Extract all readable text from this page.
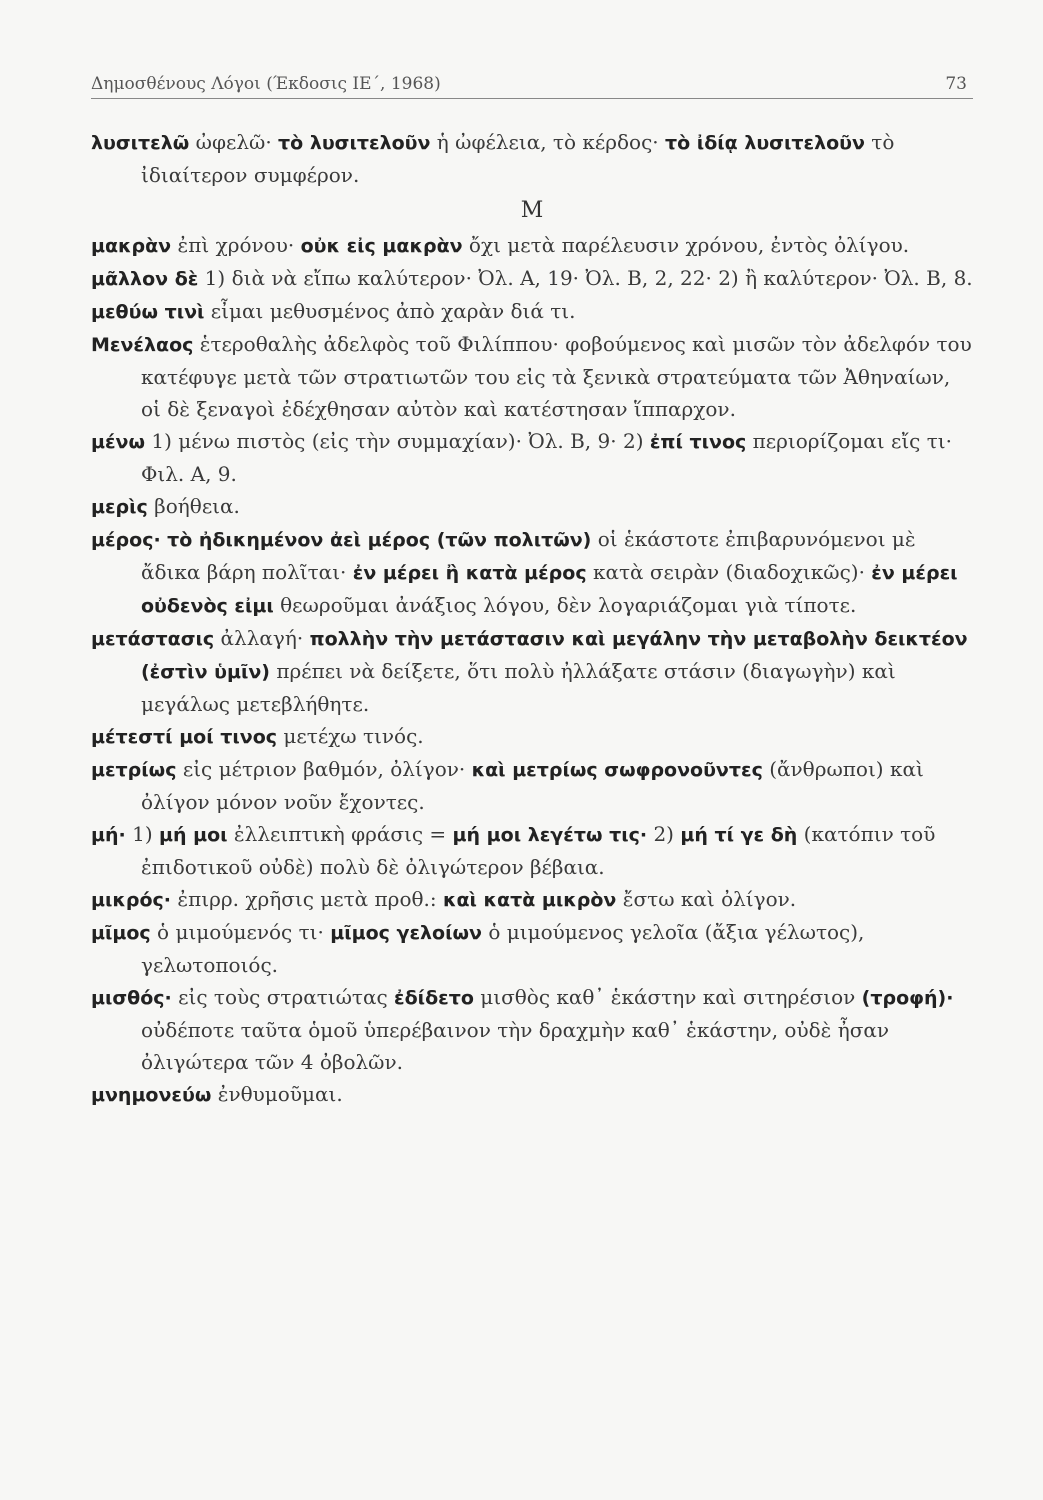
Δημοσθένους Λόγοι (Έκδοσις ΙΕ΄, 1968)	73

λυσιτελῶ ὠφελῶ· τὸ λυσιτελοῦν ἡ ὠφέλεια, τὸ κέρδος· τὸ ἰδίᾳ λυσιτελοῦν τὸ ἰδιαίτερον συμφέρον.
Μ
μακρὰν ἐπὶ χρόνου· οὐκ εἰς μακρὰν ὄχι μετὰ παρέλευσιν χρόνου, ἐντὸς ὀλίγου.
μᾶλλον δὲ 1) διὰ νὰ εἴπω καλύτερον· Ὀλ. Α, 19· Ὀλ. Β, 2, 22· 2) ἢ καλύτερον· Ὀλ. Β, 8.
μεθύω τινὶ εἶμαι μεθυσμένος ἀπὸ χαρὰν διά τι.
Μενέλαος ἑτεροθαλὴς ἀδελφὸς τοῦ Φιλίππου· φοβούμενος καὶ μισῶν τὸν ἀδελφόν του κατέφυγε μετὰ τῶν στρατιωτῶν του εἰς τὰ ξενικὰ στρατεύματα τῶν Ἀθηναίων, οἱ δὲ ξεναγοὶ ἐδέχθησαν αὐτὸν καὶ κατέστησαν ἵππαρχον.
μένω 1) μένω πιστὸς (εἰς τὴν συμμαχίαν)· Ὀλ. Β, 9· 2) ἐπί τινος περιορίζομαι εἴς τι· Φιλ. Α, 9.
μερὶς βοήθεια.
μέρος· τὸ ἠδικημένον ἀεὶ μέρος (τῶν πολιτῶν) οἱ ἑκάστοτε ἐπιβαρυνόμενοι μὲ ἄδικα βάρη πολῖται· ἐν μέρει ἢ κατὰ μέρος κατὰ σειρὰν (διαδοχικῶς)· ἐν μέρει οὐδενὸς εἰμι θεωροῦμαι ἀνάξιος λόγου, δὲν λογαριάζομαι γιὰ τίποτε.
μετάστασις ἀλλαγή· πολλὴν τὴν μετάστασιν καὶ μεγάλην τὴν μεταβολὴν δεικτέον (ἐστὶν ὑμῖν) πρέπει νὰ δείξετε, ὅτι πολὺ ἠλλάξατε στάσιν (διαγωγὴν) καὶ μεγάλως μετεβλήθητε.
μέτεστί μοί τινος μετέχω τινός.
μετρίως εἰς μέτριον βαθμόν, ὀλίγον· καὶ μετρίως σωφρονοῦντες (ἄνθρωποι) καὶ ὀλίγον μόνον νοῦν ἔχοντες.
μή· 1) μή μοι ἐλλειπτικὴ φράσις = μή μοι λεγέτω τις· 2) μή τί γε δὴ (κατόπιν τοῦ ἐπιδοτικοῦ οὐδὲ) πολὺ δὲ ὀλιγώτερον βέβαια.
μικρός· ἐπιρρ. χρῆσις μετὰ προθ.: καὶ κατὰ μικρὸν ἔστω καὶ ὀλίγον.
μῖμος ὁ μιμούμενός τι· μῖμος γελοίων ὁ μιμούμενος γελοῖα (ἄξια γέλωτος), γελωτοποιός.
μισθός· εἰς τοὺς στρατιώτας ἐδίδετο μισθὸς καθ᾽ ἑκάστην καὶ σιτηρέσιον (τροφή)· οὐδέποτε ταῦτα ὁμοῦ ὑπερέβαινον τὴν δραχμὴν καθ᾽ ἑκάστην, οὐδὲ ἦσαν ὀλιγώτερα τῶν 4 ὀβολῶν.
μνημονεύω ἐνθυμοῦμαι.
